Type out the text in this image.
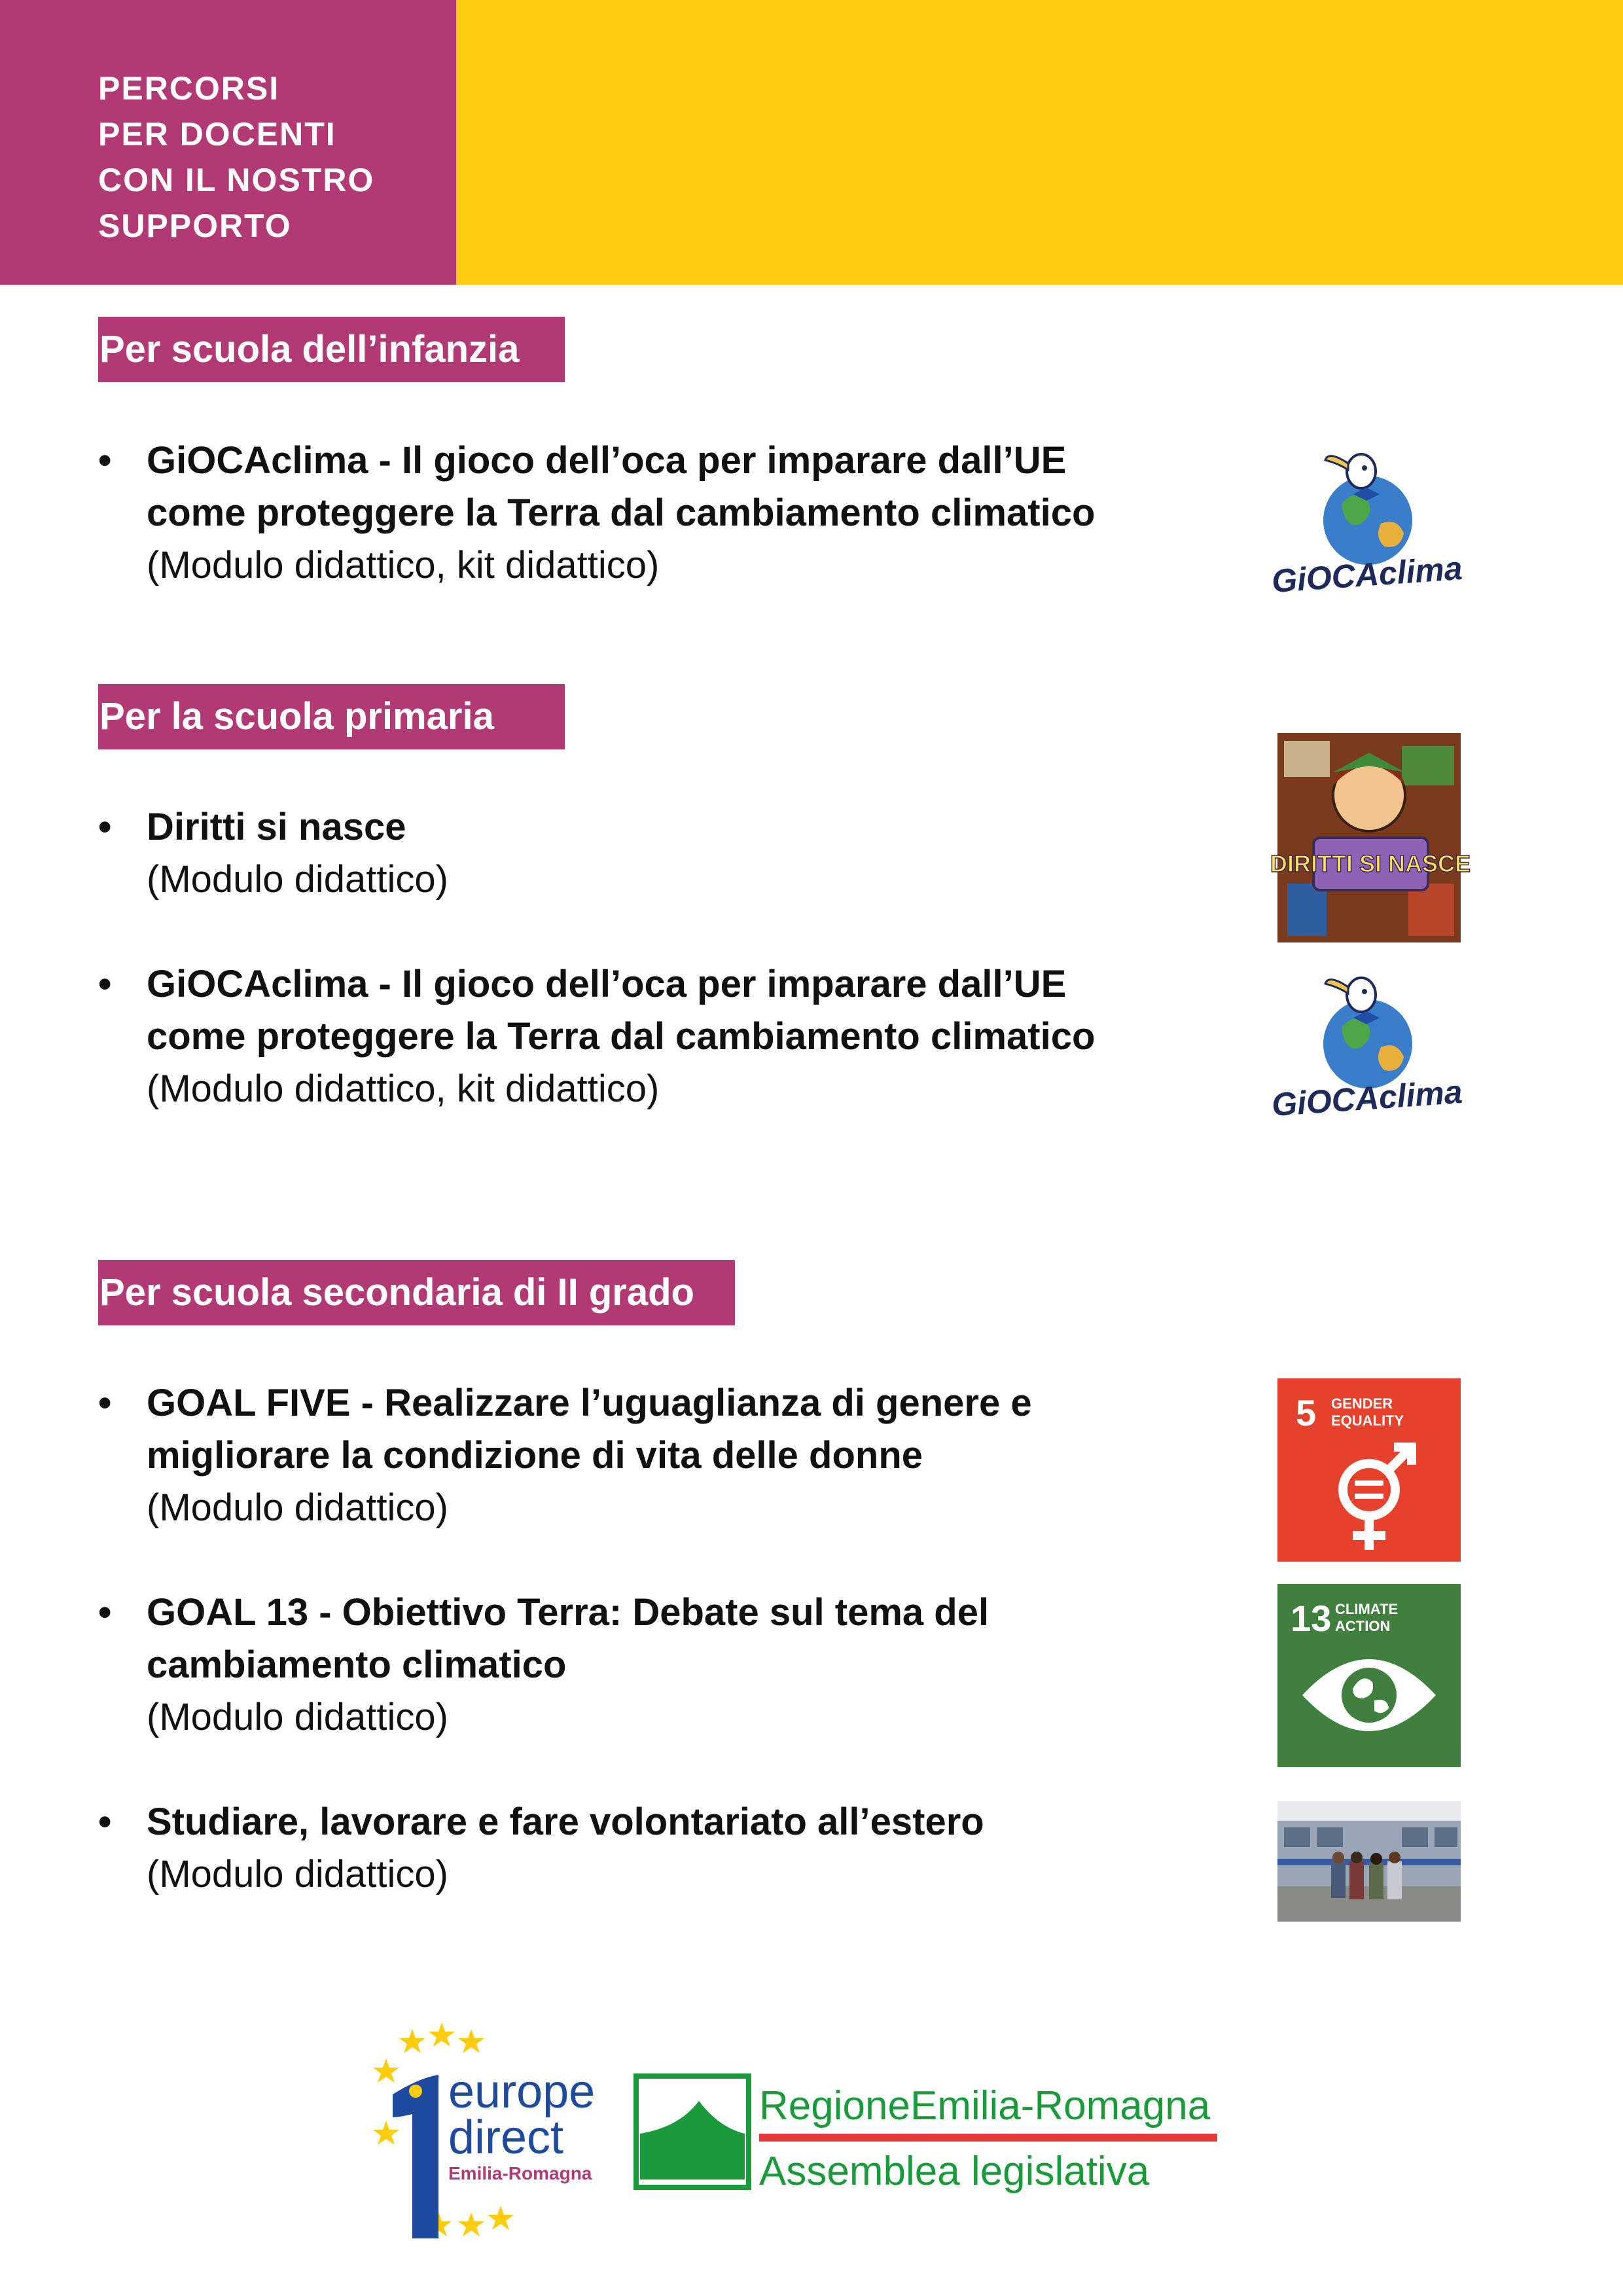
PERCORSI
PER DOCENTI
CON IL NOSTRO
SUPPORTO
Per scuola dell’infanzia
• GiOCAclima - Il gioco dell’oca per imparare dall’UE
come proteggere la Terra dal cambiamento climatico
(Modulo didattico, kit didattico)	GiOCAclima
Per la scuola primaria
• Diritti si nasce
(Modulo didattico)	DIRITTI SI NASCE
• GiOCAclima - Il gioco dell’oca per imparare dall’UE
come proteggere la Terra dal cambiamento climatico
(Modulo didattico, kit didattico)	GiOCAclima
Per scuola secondaria di II grado
• GOAL FIVE - Realizzare l’uguaglianza di genere e
migliorare la condizione di vita delle donne
(Modulo didattico)
5 GENDER
EQUALITY
• GOAL 13 - Obiettivo Terra: Debate sul tema del
cambiamento climatico
(Modulo didattico)
13 CLIMATE
ACTION
• Studiare, lavorare e fare volontariato all’estero
(Modulo didattico)
europe
direct
Emilia-Romagna
RegioneEmilia-Romagna
Assemblea legislativa
